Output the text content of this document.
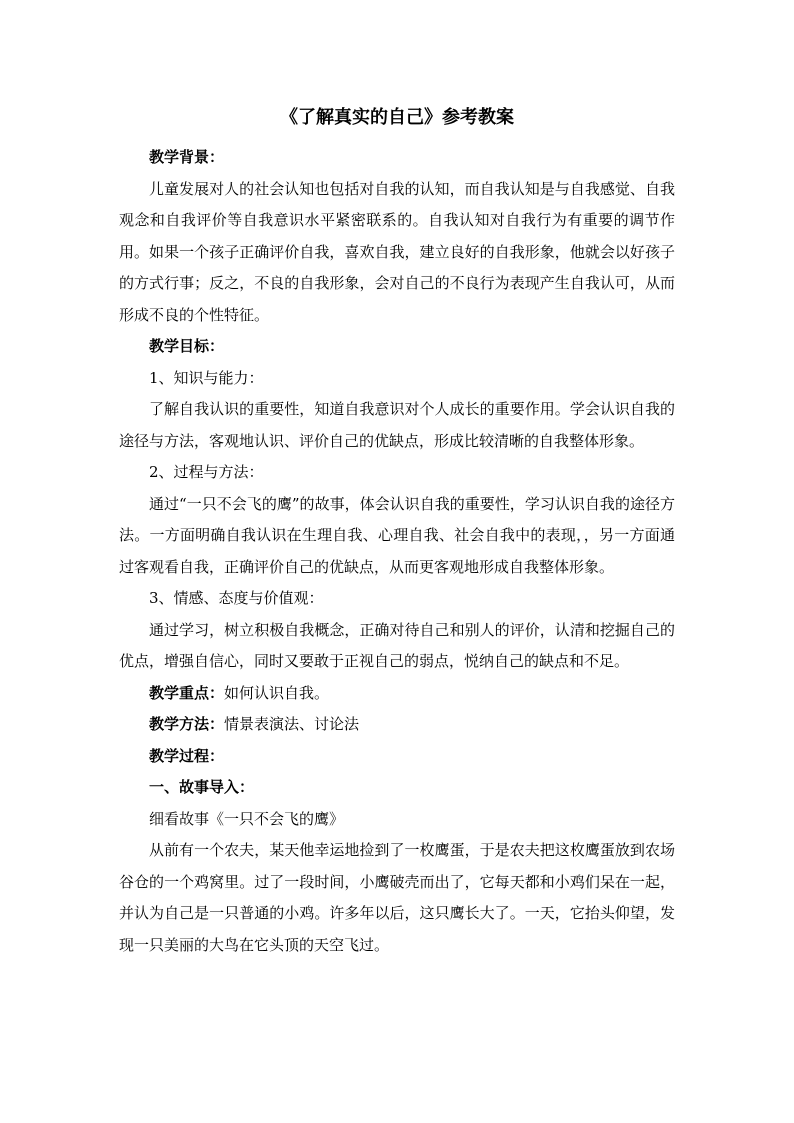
《了解真实的自己》参考教案

教学背景：

儿童发展对人的社会认知也包括对自我的认知，而自我认知是与自我感觉、自我观念和自我评价等自我意识水平紧密联系的。自我认知对自我行为有重要的调节作用。如果一个孩子正确评价自我，喜欢自我，建立良好的自我形象，他就会以好孩子的方式行事；反之，不良的自我形象，会对自己的不良行为表现产生自我认可，从而形成不良的个性特征。

教学目标：

1、知识与能力：

了解自我认识的重要性，知道自我意识对个人成长的重要作用。学会认识自我的途径与方法，客观地认识、评价自己的优缺点，形成比较清晰的自我整体形象。

2、过程与方法：

通过“一只不会飞的鹰”的故事，体会认识自我的重要性，学习认识自我的途径方法。一方面明确自我认识在生理自我、心理自我、社会自我中的表现，，另一方面通过客观看自我，正确评价自己的优缺点，从而更客观地形成自我整体形象。

3、情感、态度与价值观：

通过学习，树立积极自我概念，正确对待自己和别人的评价，认清和挖掘自己的优点，增强自信心，同时又要敢于正视自己的弱点，悦纳自己的缺点和不足。

教学重点：如何认识自我。

教学方法：情景表演法、讨论法

教学过程：

一、故事导入：

细看故事《一只不会飞的鹰》

从前有一个农夫，某天他幸运地捡到了一枚鹰蛋，于是农夫把这枚鹰蛋放到农场谷仓的一个鸡窝里。过了一段时间，小鹰破壳而出了，它每天都和小鸡们呆在一起，并认为自己是一只普通的小鸡。许多年以后，这只鹰长大了。一天，它抬头仰望，发现一只美丽的大鸟在它头顶的天空飞过。
